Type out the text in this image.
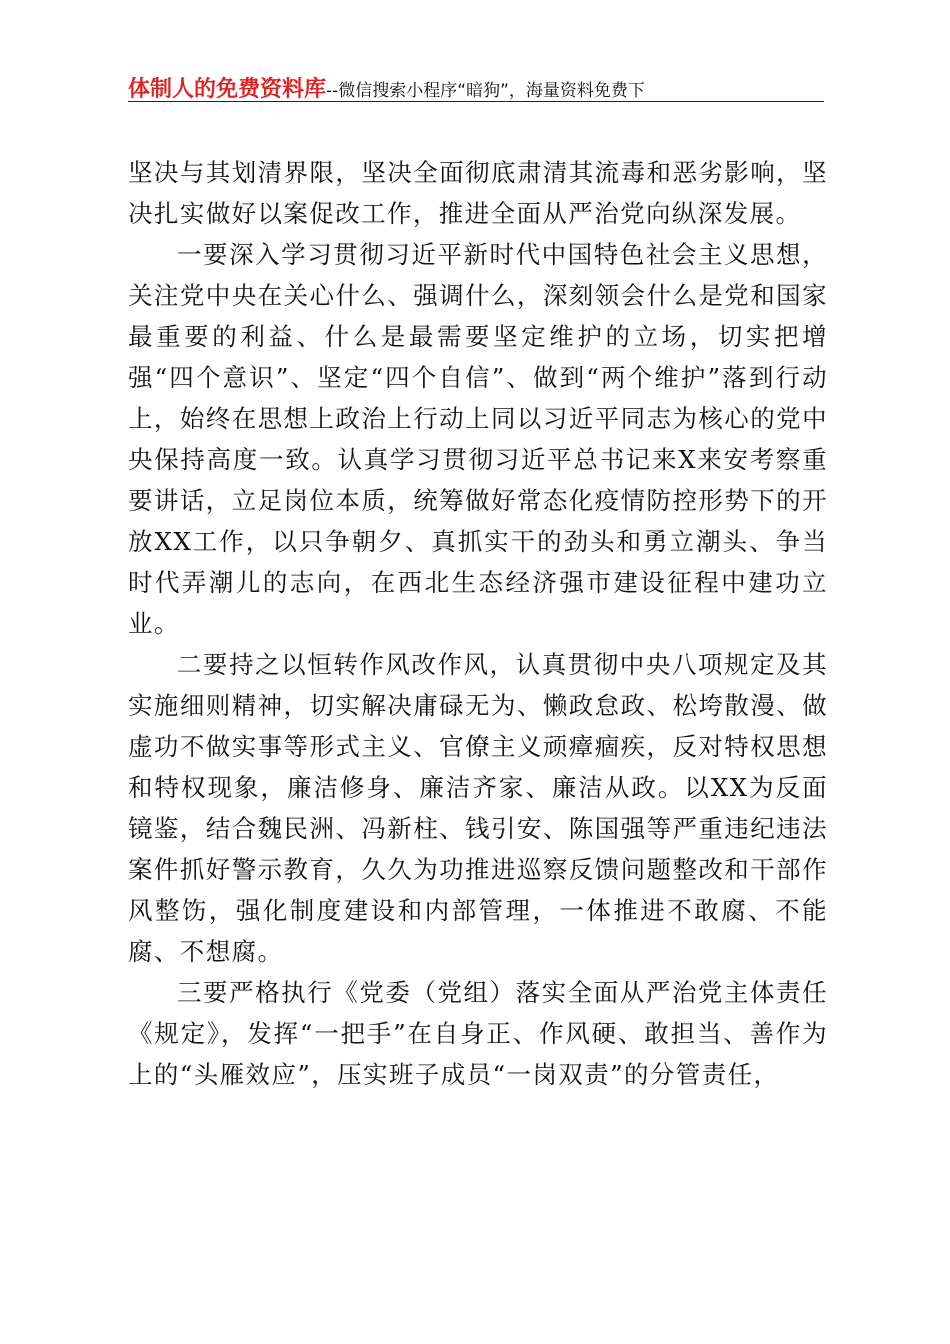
体制人的免费资料库--微信搜索小程序“暗狗”，海量资料免费下

坚决与其划清界限，坚决全面彻底肃清其流毒和恶劣影响，坚决扎实做好以案促改工作，推进全面从严治党向纵深发展。

一要深入学习贯彻习近平新时代中国特色社会主义思想，关注党中央在关心什么、强调什么，深刻领会什么是党和国家最重要的利益、什么是最需要坚定维护的立场，切实把增强“四个意识”、坚定“四个自信”、做到“两个维护”落到行动上，始终在思想上政治上行动上同以习近平同志为核心的党中央保持高度一致。认真学习贯彻习近平总书记来X来安考察重要讲话，立足岗位本质，统筹做好常态化疫情防控形势下的开放XX工作，以只争朝夕、真抓实干的劲头和勇立潮头、争当时代弄潮儿的志向，在西北生态经济强市建设征程中建功立业。

二要持之以恒转作风改作风，认真贯彻中央八项规定及其实施细则精神，切实解决庸碌无为、懒政怠政、松垮散漫、做虚功不做实事等形式主义、官僚主义顽瘴痼疾，反对特权思想和特权现象，廉洁修身、廉洁齐家、廉洁从政。以XX为反面镜鉴，结合魏民洲、冯新柱、钱引安、陈国强等严重违纪违法案件抓好警示教育，久久为功推进巡察反馈问题整改和干部作风整饬，强化制度建设和内部管理，一体推进不敢腐、不能腐、不想腐。

三要严格执行《党委（党组）落实全面从严治党主体责任《规定》，发挥“一把手”在自身正、作风硬、敢担当、善作为上的“头雁效应”，压实班子成员“一岗双责”的分管责任，
